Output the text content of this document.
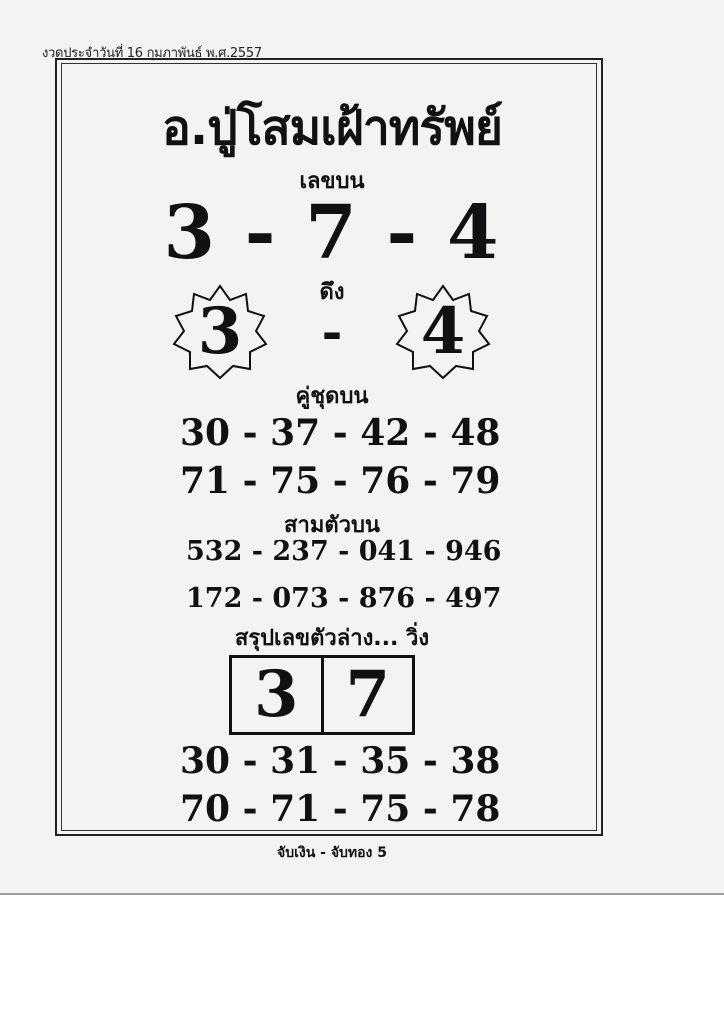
งวดประจำวันที่ 16 กุมภาพันธ์ พ.ศ.2557
อ.ปู่โสมเฝ้าทรัพย์
เลขบน
3 - 7 - 4
ดึง
3	-	4
คู่ชุดบน
30 - 37 - 42 - 48
71 - 75 - 76 - 79
สามตัวบน
532 - 237 - 041 - 946
172 - 073 - 876 - 497
สรุปเลขตัวล่าง... วิ่ง
3 7
30 - 31 - 35 - 38
70 - 71 - 75 - 78
จับเงิน - จับทอง 5
